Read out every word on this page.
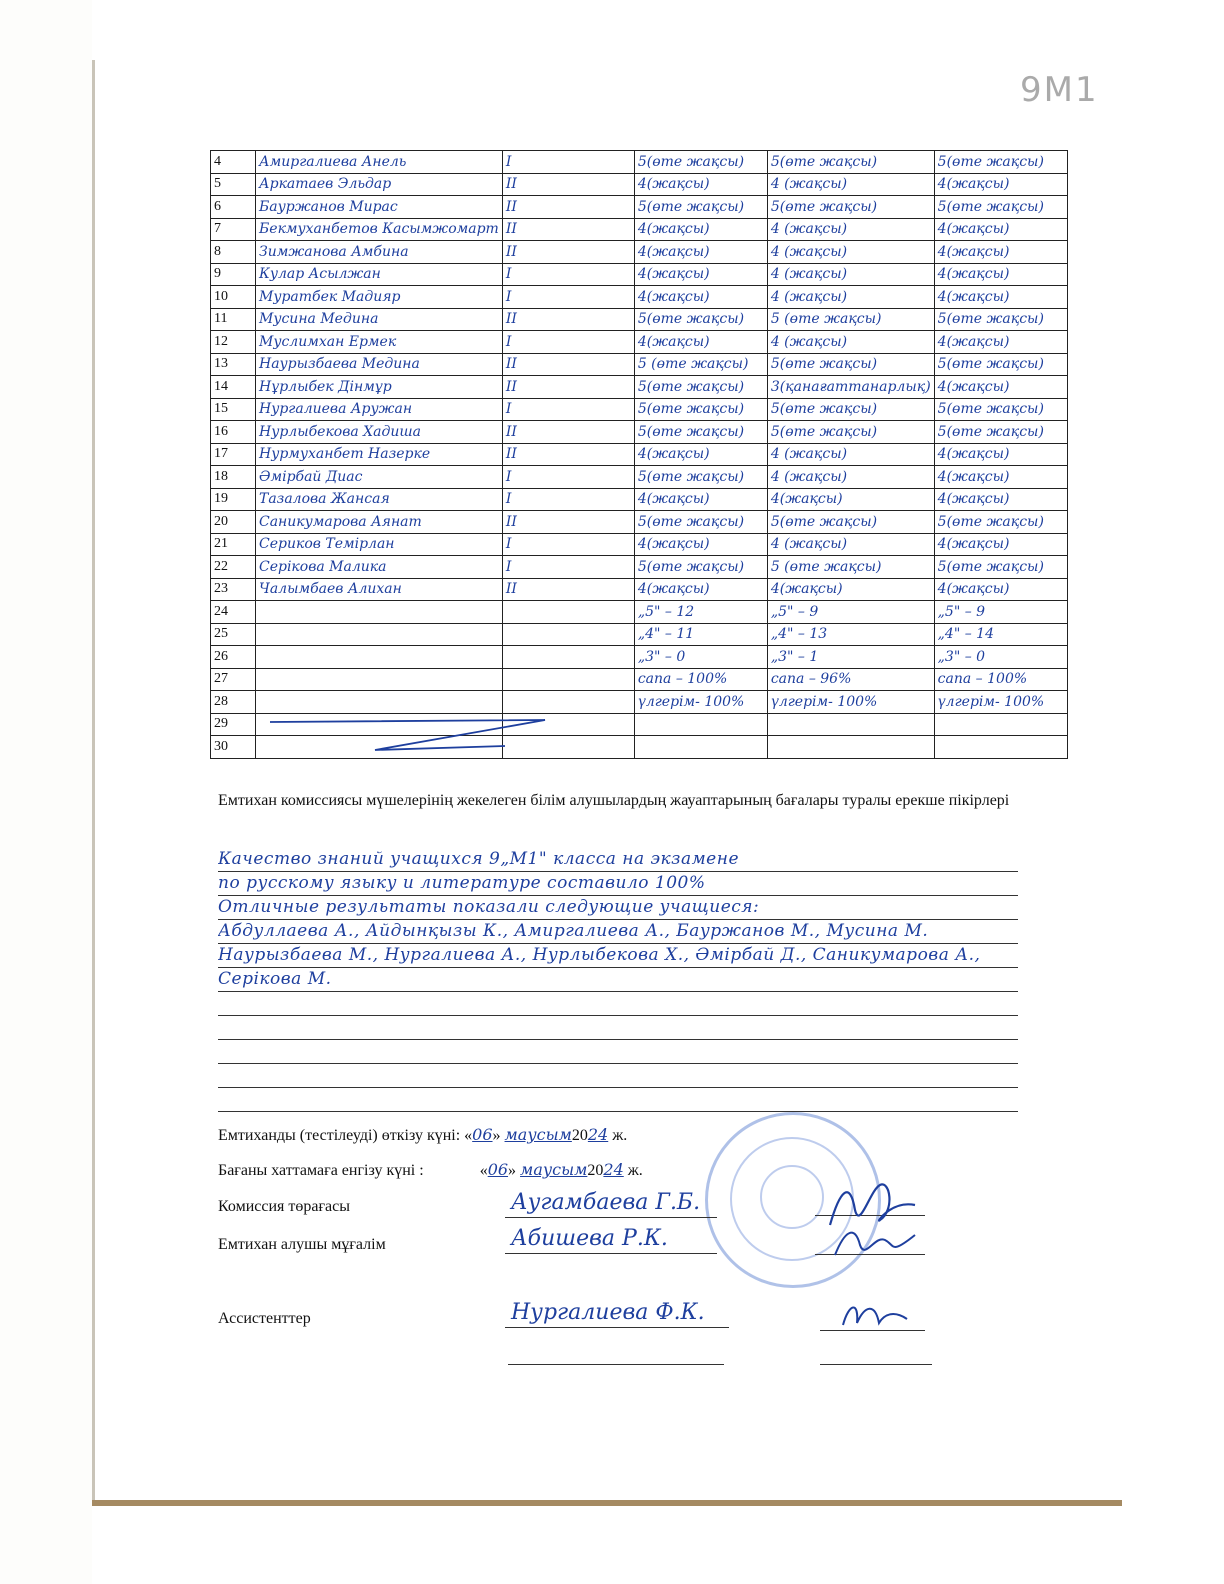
9М1
4	Амиргалиева Анель	I	5(өте жақсы)	5(өте жақсы)	5(өте жақсы)
5	Аркатаев Эльдар	II	4(жақсы)	4 (жақсы)	4(жақсы)
6	Бауржанов Мирас	II	5(өте жақсы)	5(өте жақсы)	5(өте жақсы)
7	Бекмуханбетов Касымжомарт	II	4(жақсы)	4 (жақсы)	4(жақсы)
8	Зимжанова Амбина	II	4(жақсы)	4 (жақсы)	4(жақсы)
9	Кулар Асылжан	I	4(жақсы)	4 (жақсы)	4(жақсы)
10	Муратбек Мадияр	I	4(жақсы)	4 (жақсы)	4(жақсы)
11	Мусина Медина	II	5(өте жақсы)	5 (өте жақсы)	5(өте жақсы)
12	Муслимхан Ермек	I	4(жақсы)	4 (жақсы)	4(жақсы)
13	Наурызбаева Медина	II	5 (өте жақсы)	5(өте жақсы)	5(өте жақсы)
14	Нұрлыбек Дінмұр	II	5(өте жақсы)	3(қанағаттанарлық)	4(жақсы)
15	Нургалиева Аружан	I	5(өте жақсы)	5(өте жақсы)	5(өте жақсы)
16	Нурлыбекова Хадиша	II	5(өте жақсы)	5(өте жақсы)	5(өте жақсы)
17	Нурмуханбет Назерке	II	4(жақсы)	4 (жақсы)	4(жақсы)
18	Әмірбай Диас	I	5(өте жақсы)	4 (жақсы)	4(жақсы)
19	Тазалова Жансая	I	4(жақсы)	4(жақсы)	4(жақсы)
20	Саникумарова Аянат	II	5(өте жақсы)	5(өте жақсы)	5(өте жақсы)
21	Сериков Темірлан	I	4(жақсы)	4 (жақсы)	4(жақсы)
22	Серікова Малика	I	5(өте жақсы)	5 (өте жақсы)	5(өте жақсы)
23	Чалымбаев Алихан	II	4(жақсы)	4(жақсы)	4(жақсы)
24			„5" – 12	„5" – 9	„5" – 9
25			„4" – 11	„4" – 13	„4" – 14
26			„3" – 0	„3" – 1	„3" – 0
27			сапа – 100%	сапа – 96%	сапа – 100%
28			үлгерім- 100%	үлгерім- 100%	үлгерім- 100%
29					
30					
Емтихан комиссиясы мүшелерінің жекелеген білім алушылардың жауаптарының бағалары туралы ерекше пікірлері
Качество знаний учащихся 9„М1" класса на экзамене
по русскому языку и литературе составило 100%
Отличные результаты показали следующие учащиеся:
Абдуллаева А., Айдынқызы К., Амиргалиева А., Бауржанов М., Мусина М.
Наурызбаева М., Нургалиева А., Нурлыбекова Х., Әмірбай Д., Саникумарова А.,
Серікова М.
Емтиханды (тестілеуді) өткізу күні: «06» маусым2024 ж.
Бағаны хаттамаға енгізу күні :	«06» маусым2024 ж.
Комиссия төрағасы	Аугамбаева Г.Б.
Емтихан алушы мұғалім	Абишева Р.К.
Ассистенттер	Нургалиева Ф.К.
